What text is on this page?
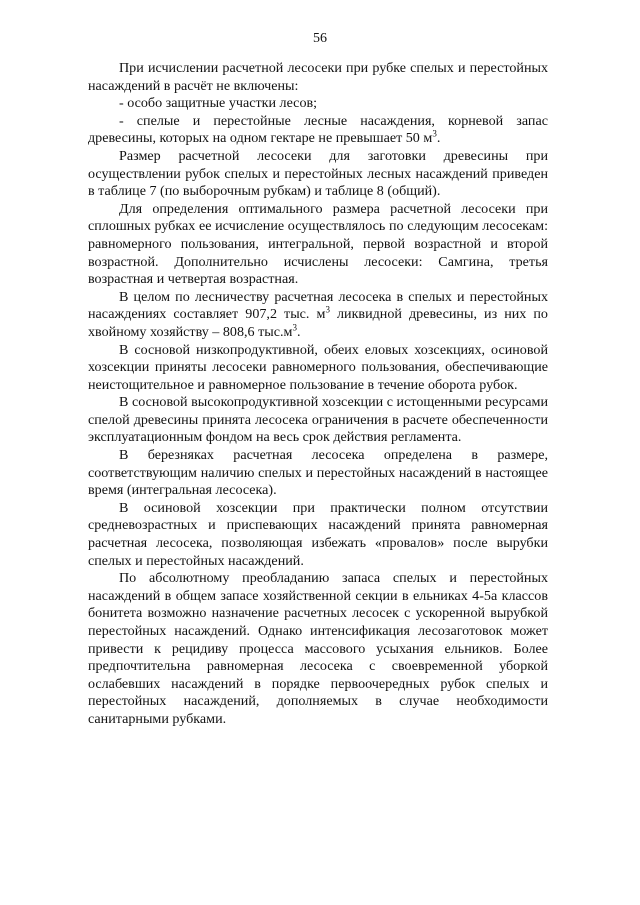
56

При исчислении расчетной лесосеки при рубке спелых и перестойных насаждений в расчёт не включены:

- особо защитные участки лесов;

- спелые и перестойные лесные насаждения, корневой запас древесины, которых на одном гектаре не превышает 50 $м^3$.

Размер расчетной лесосеки для заготовки древесины при осуществлении рубок спелых и перестойных лесных насаждений приведен в таблице 7 (по выборочным рубкам) и таблице 8 (общий).

Для определения оптимального размера расчетной лесосеки при сплошных рубках ее исчисление осуществлялось по следующим лесосекам: равномерного пользования, интегральной, первой возрастной и второй возрастной. Дополнительно исчислены лесосеки: Самгина, третья возрастная и четвертая возрастная.

В целом по лесничеству расчетная лесосека в спелых и перестойных насаждениях составляет 907,2 тыс. $м^3$ ликвидной древесины, из них по хвойному хозяйству – 808,6 $тыс.м^3$.

В сосновой низкопродуктивной, обеих еловых хозсекциях, осиновой хозсекции приняты лесосеки равномерного пользования, обеспечивающие неистощительное и равномерное пользование в течение оборота рубок.

В сосновой высокопродуктивной хозсекции с истощенными ресурсами спелой древесины принята лесосека ограничения в расчете обеспеченности эксплуатационным фондом на весь срок действия регламента.

В березняках расчетная лесосека определена в размере, соответствующим наличию спелых и перестойных насаждений в настоящее время (интегральная лесосека).

В осиновой хозсекции при практически полном отсутствии средневозрастных и приспевающих насаждений принята равномерная расчетная лесосека, позволяющая избежать «провалов» после вырубки спелых и перестойных насаждений.

По абсолютному преобладанию запаса спелых и перестойных насаждений в общем запасе хозяйственной секции в ельниках 4-5а классов бонитета возможно назначение расчетных лесосек с ускоренной вырубкой перестойных насаждений. Однако интенсификация лесозаготовок может привести к рецидиву процесса массового усыхания ельников. Более предпочтительна равномерная лесосека с своевременной уборкой ослабевших насаждений в порядке первоочередных рубок спелых и перестойных насаждений, дополняемых в случае необходимости санитарными рубками.
